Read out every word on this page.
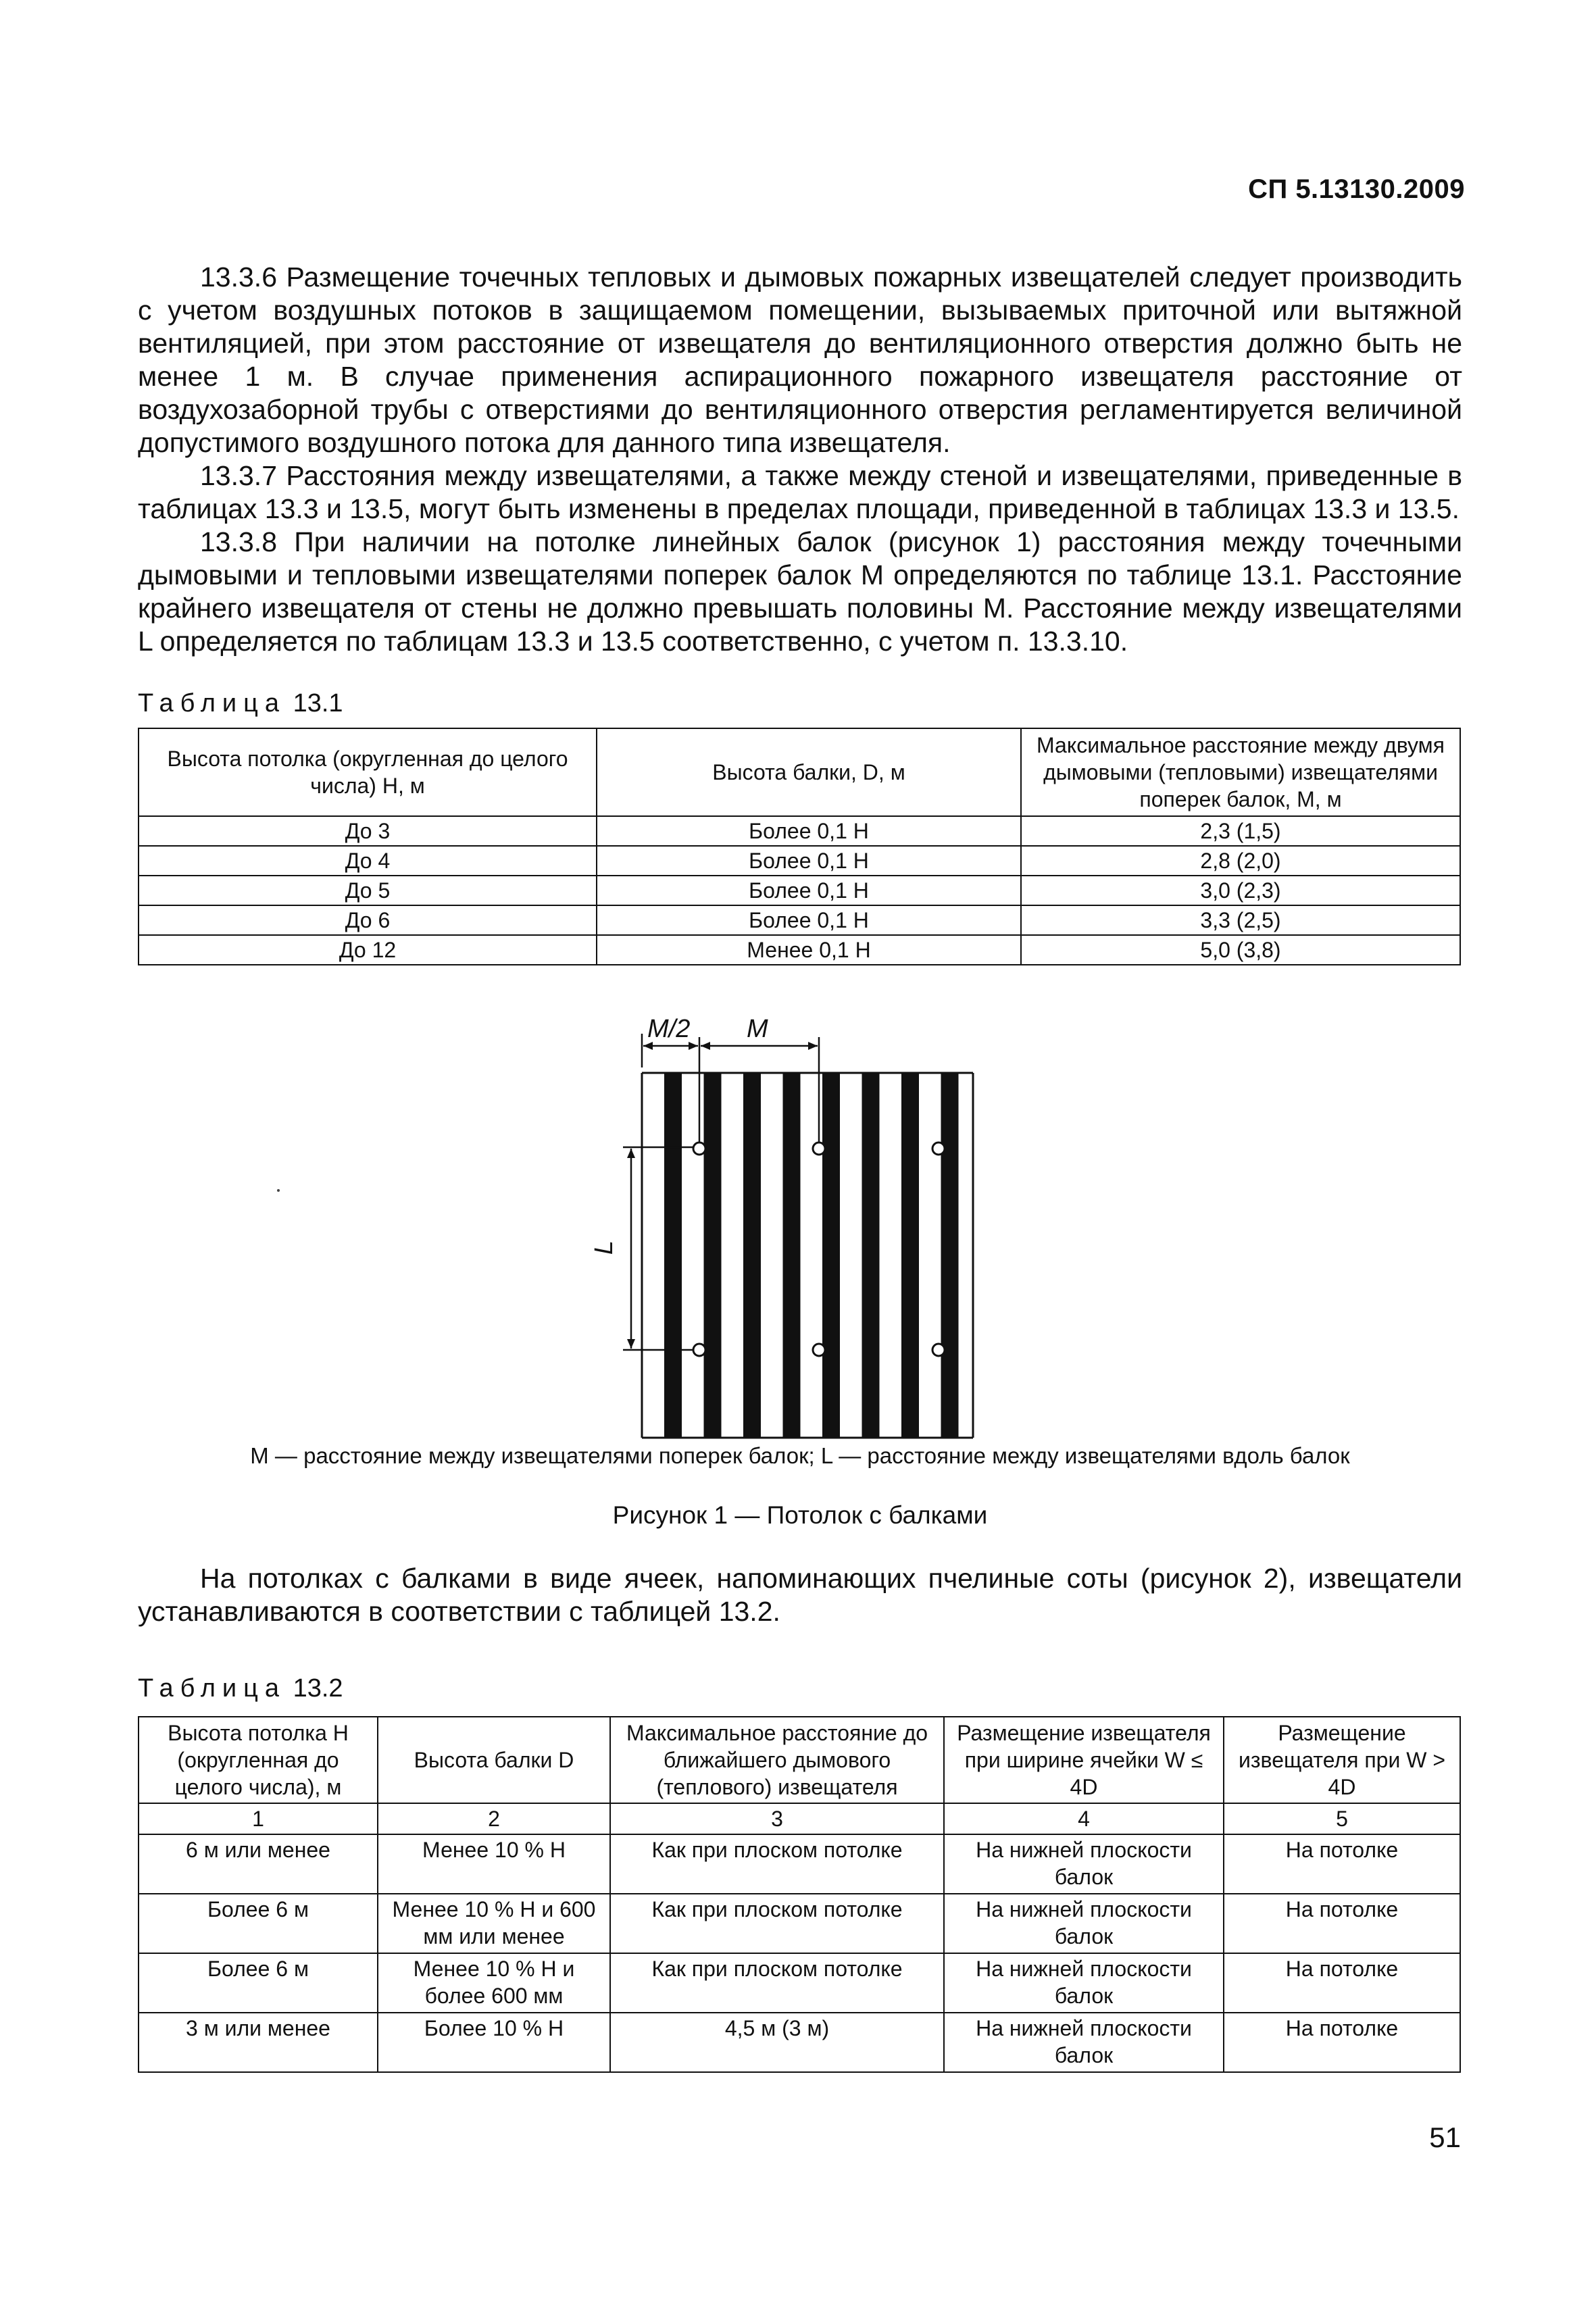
СП 5.13130.2009

13.3.6 Размещение точечных тепловых и дымовых пожарных извещателей следует производить с учетом воздушных потоков в защищаемом помещении, вызываемых приточной или вытяжной вентиляцией, при этом расстояние от извещателя до вентиляционного отверстия должно быть не менее 1 м. В случае применения аспирационного пожарного извещателя расстояние от воздухозаборной трубы с отверстиями до вентиляционного отверстия регламентируется величиной допустимого воздушного потока для данного типа извещателя.

13.3.7 Расстояния между извещателями, а также между стеной и извещателями, приведенные в таблицах 13.3 и 13.5, могут быть изменены в пределах площади, приведенной в таблицах 13.3 и 13.5.

13.3.8 При наличии на потолке линейных балок (рисунок 1) расстояния между точечными дымовыми и тепловыми извещателями поперек балок M определяются по таблице 13.1. Расстояние крайнего извещателя от стены не должно превышать половины M. Расстояние между извещателями L определяется по таблицам 13.3 и 13.5 соответственно, с учетом п. 13.3.10.

Таблица 13.1
Высота потолка (округленная до целого числа) H, м	Высота балки, D, м	Максимальное расстояние между двумя дымовыми (тепловыми) извещателями поперек балок, M, м
До 3	Более 0,1 Н	2,3 (1,5)
До 4	Более 0,1 Н	2,8 (2,0)
До 5	Более 0,1 Н	3,0 (2,3)
До 6	Более 0,1 Н	3,3 (2,5)
До 12	Менее 0,1 Н	5,0 (3,8)
M/2 M
L
M — расстояние между извещателями поперек балок; L — расстояние между извещателями вдоль балок
Рисунок 1 — Потолок с балками

На потолках с балками в виде ячеек, напоминающих пчелиные соты (рисунок 2), извещатели устанавливаются в соответствии с таблицей 13.2.

Таблица 13.2
Высота потолка H (округленная до целого числа), м	Высота балки D	Максимальное расстояние до ближайшего дымового (теплового) извещателя	Размещение извещателя при ширине ячейки W ≤ 4D	Размещение извещателя при W > 4D
1	2	3	4	5
6 м или менее	Менее 10 % Н	Как при плоском потолке	На нижней плоскости балок	На потолке
Более 6 м	Менее 10 % Н и 600 мм или менее	Как при плоском потолке	На нижней плоскости балок	На потолке
Более 6 м	Менее 10 % Н и более 600 мм	Как при плоском потолке	На нижней плоскости балок	На потолке
3 м или менее	Более 10 % Н	4,5 м (3 м)	На нижней плоскости балок	На потолке
51
